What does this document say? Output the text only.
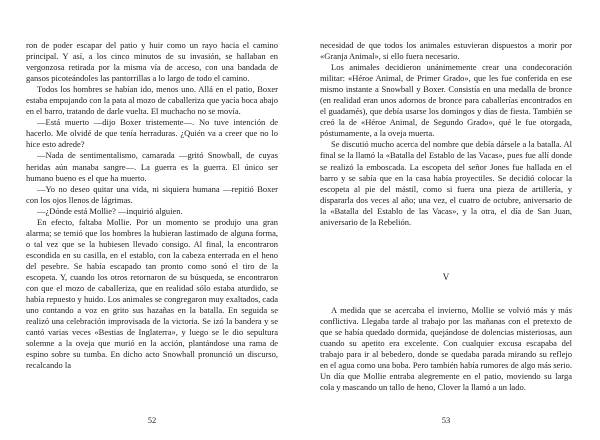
ron de poder escapar del patio y huir como un rayo hacia el camino principal. Y así, a los cinco minutos de su invasión, se hallaban en vergonzosa retirada por la misma vía de acceso, con una bandada de gansos picoteándoles las pantorrillas a lo largo de todo el camino.

Todos los hombres se habían ido, menos uno. Allá en el patio, Boxer estaba empujando con la pata al mozo de caballeriza que yacía boca abajo en el barro, tratando de darle vuelta. El muchacho no se movía.

—Está muerto —dijo Boxer tristemente—. No tuve intención de hacerlo. Me olvidé de que tenía herraduras. ¿Quién va a creer que no lo hice esto adrede?

—Nada de sentimentalismo, camarada —gritó Snowball, de cuyas heridas aún manaba sangre—. La guerra es la guerra. El único ser humano bueno es el que ha muerto.

—Yo no deseo quitar una vida, ni siquiera humana —repitió Boxer con los ojos llenos de lágrimas.

—¿Dónde está Mollie? —inquirió alguien.

En efecto, faltaba Mollie. Por un momento se produjo una gran alarma; se temió que los hombres la hubieran lastimado de alguna forma, o tal vez que se la hubiesen llevado consigo. Al final, la encontraron escondida en su casilla, en el establo, con la cabeza enterrada en el heno del pesebre. Se había escapado tan pronto como sonó el tiro de la escopeta. Y, cuando los otros retornaron de su búsqueda, se encontraron con que el mozo de caballeriza, que en realidad sólo estaba aturdido, se había repuesto y huido. Los animales se congregaron muy exaltados, cada uno contando a voz en grito sus hazañas en la batalla. En seguida se realizó una celebración improvisada de la victoria. Se izó la bandera y se cantó varias veces «Bestias de Inglaterra», y luego se le dio sepultura solemne a la oveja que murió en la acción, plantándose una rama de espino sobre su tumba. En dicho acto Snowball pronunció un discurso, recalcando la

52

necesidad de que todos los animales estuvieran dispuestos a morir por «Granja Animal», si ello fuera necesario.

Los animales decidieron unánimemente crear una condecoración militar: «Héroe Animal, de Primer Grado», que les fue conferida en ese mismo instante a Snowball y Boxer. Consistía en una medalla de bronce (en realidad eran unos adornos de bronce para caballerías encontrados en el guadamés), que debía usarse los domingos y días de fiesta. También se creó la de «Héroe Animal, de Segundo Grado», qué le fue otorgada, póstumamente, a la oveja muerta.

Se discutió mucho acerca del nombre que debía dársele a la batalla. Al final se la llamó la «Batalla del Establo de las Vacas», pues fue allí donde se realizó la emboscada. La escopeta del señor Jones fue hallada en el barro y se sabía que en la casa había proyectiles. Se decidió colocar la escopeta al pie del mástil, como si fuera una pieza de artillería, y dispararla dos veces al año; una vez, el cuatro de octubre, aniversario de la «Batalla del Establo de las Vacas», y la otra, el día de San Juan, aniversario de la Rebelión.

V

A medida que se acercaba el invierno, Mollie se volvió más y más conflictiva. Llegaba tarde al trabajo por las mañanas con el pretexto de que se había quedado dormida, quejándose de dolencias misteriosas, aun cuando su apetito era excelente. Con cualquier excusa escapaba del trabajo para ir al bebedero, donde se quedaba parada mirando su reflejo en el agua como una boba. Pero también había rumores de algo más serio. Un día que Mollie entraba alegremente en el patio, moviendo su larga cola y mascando un tallo de heno, Clover la llamó a un lado.

53
